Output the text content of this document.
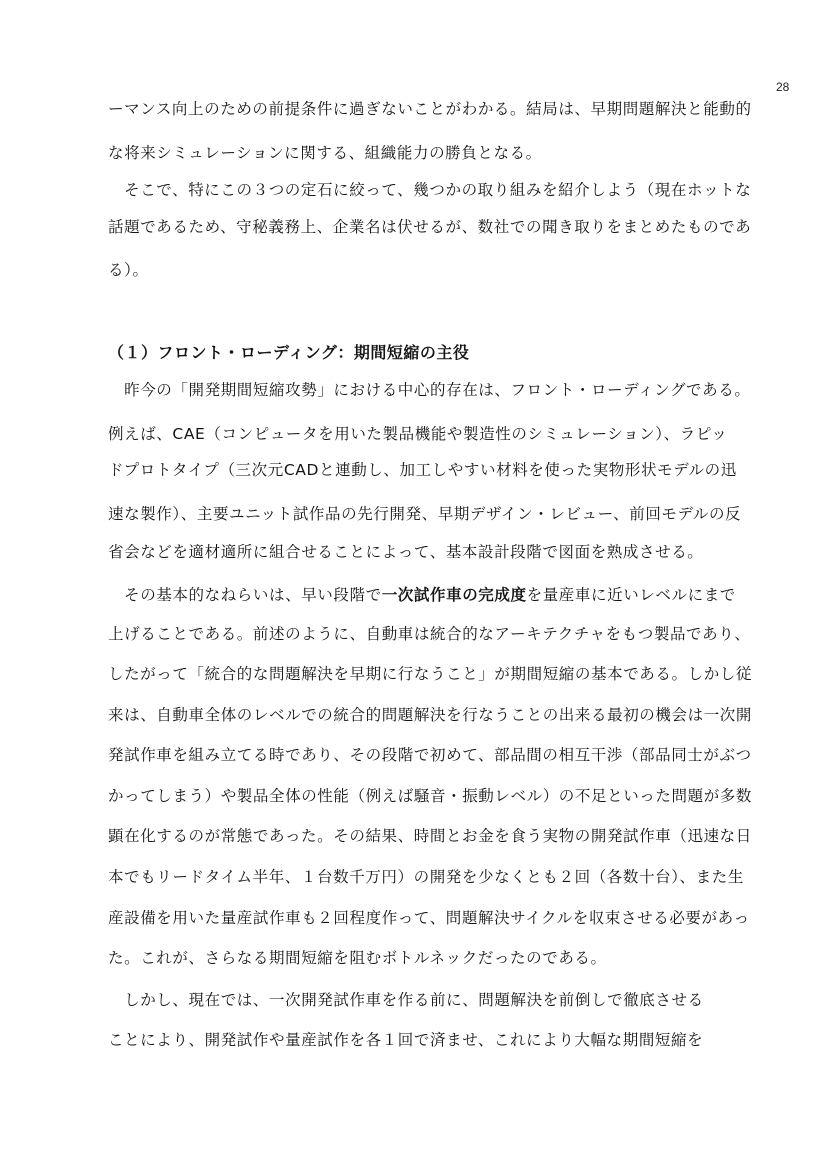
28
ーマンス向上のための前提条件に過ぎないことがわかる。結局は、早期問題解決と能動的
な将来シミュレーションに関する、組織能力の勝負となる。
　そこで、特にこの３つの定石に絞って、幾つかの取り組みを紹介しよう（現在ホットな
話題であるため、守秘義務上、企業名は伏せるが、数社での聞き取りをまとめたものであ
る）。
（１）フロント・ローディング：期間短縮の主役
　昨今の「開発期間短縮攻勢」における中心的存在は、フロント・ローディングである。
例えば、CAE（コンピュータを用いた製品機能や製造性のシミュレーション）、ラピッ
ドプロトタイプ（三次元CADと連動し、加工しやすい材料を使った実物形状モデルの迅
速な製作）、主要ユニット試作品の先行開発、早期デザイン・レビュー、前回モデルの反
省会などを適材適所に組合せることによって、基本設計段階で図面を熟成させる。
　その基本的なねらいは、早い段階で一次試作車の完成度を量産車に近いレベルにまで
上げることである。前述のように、自動車は統合的なアーキテクチャをもつ製品であり、
したがって「統合的な問題解決を早期に行なうこと」が期間短縮の基本である。しかし従
来は、自動車全体のレベルでの統合的問題解決を行なうことの出来る最初の機会は一次開
発試作車を組み立てる時であり、その段階で初めて、部品間の相互干渉（部品同士がぶつ
かってしまう）や製品全体の性能（例えば騒音・振動レベル）の不足といった問題が多数
顕在化するのが常態であった。その結果、時間とお金を食う実物の開発試作車（迅速な日
本でもリードタイム半年、１台数千万円）の開発を少なくとも２回（各数十台）、また生
産設備を用いた量産試作車も２回程度作って、問題解決サイクルを収束させる必要があっ
た。これが、さらなる期間短縮を阻むボトルネックだったのである。
　しかし、現在では、一次開発試作車を作る前に、問題解決を前倒しで徹底させる
ことにより、開発試作や量産試作を各１回で済ませ、これにより大幅な期間短縮を
